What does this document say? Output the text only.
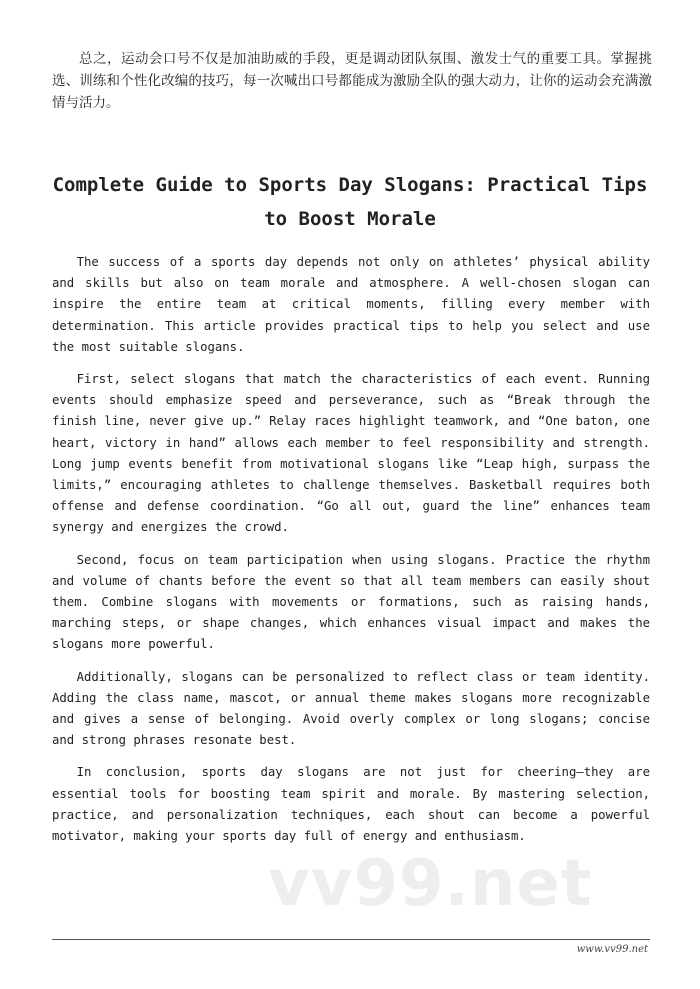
总之，运动会口号不仅是加油助威的手段，更是调动团队氛围、激发士气的重要工具。掌握挑选、训练和个性化改编的技巧，每一次喊出口号都能成为激励全队的强大动力，让你的运动会充满激情与活力。

Complete Guide to Sports Day Slogans: Practical Tips to Boost Morale

The success of a sports day depends not only on athletes’ physical ability and skills but also on team morale and atmosphere. A well-chosen slogan can inspire the entire team at critical moments, filling every member with determination. This article provides practical tips to help you select and use the most suitable slogans.

First, select slogans that match the characteristics of each event. Running events should emphasize speed and perseverance, such as “Break through the finish line, never give up.” Relay races highlight teamwork, and “One baton, one heart, victory in hand” allows each member to feel responsibility and strength. Long jump events benefit from motivational slogans like “Leap high, surpass the limits,” encouraging athletes to challenge themselves. Basketball requires both offense and defense coordination. “Go all out, guard the line” enhances team synergy and energizes the crowd.

Second, focus on team participation when using slogans. Practice the rhythm and volume of chants before the event so that all team members can easily shout them. Combine slogans with movements or formations, such as raising hands, marching steps, or shape changes, which enhances visual impact and makes the slogans more powerful.

Additionally, slogans can be personalized to reflect class or team identity. Adding the class name, mascot, or annual theme makes slogans more recognizable and gives a sense of belonging. Avoid overly complex or long slogans; concise and strong phrases resonate best.

In conclusion, sports day slogans are not just for cheering—they are essential tools for boosting team spirit and morale. By mastering selection, practice, and personalization techniques, each shout can become a powerful motivator, making your sports day full of energy and enthusiasm.

vv99.net
www.vv99.net
